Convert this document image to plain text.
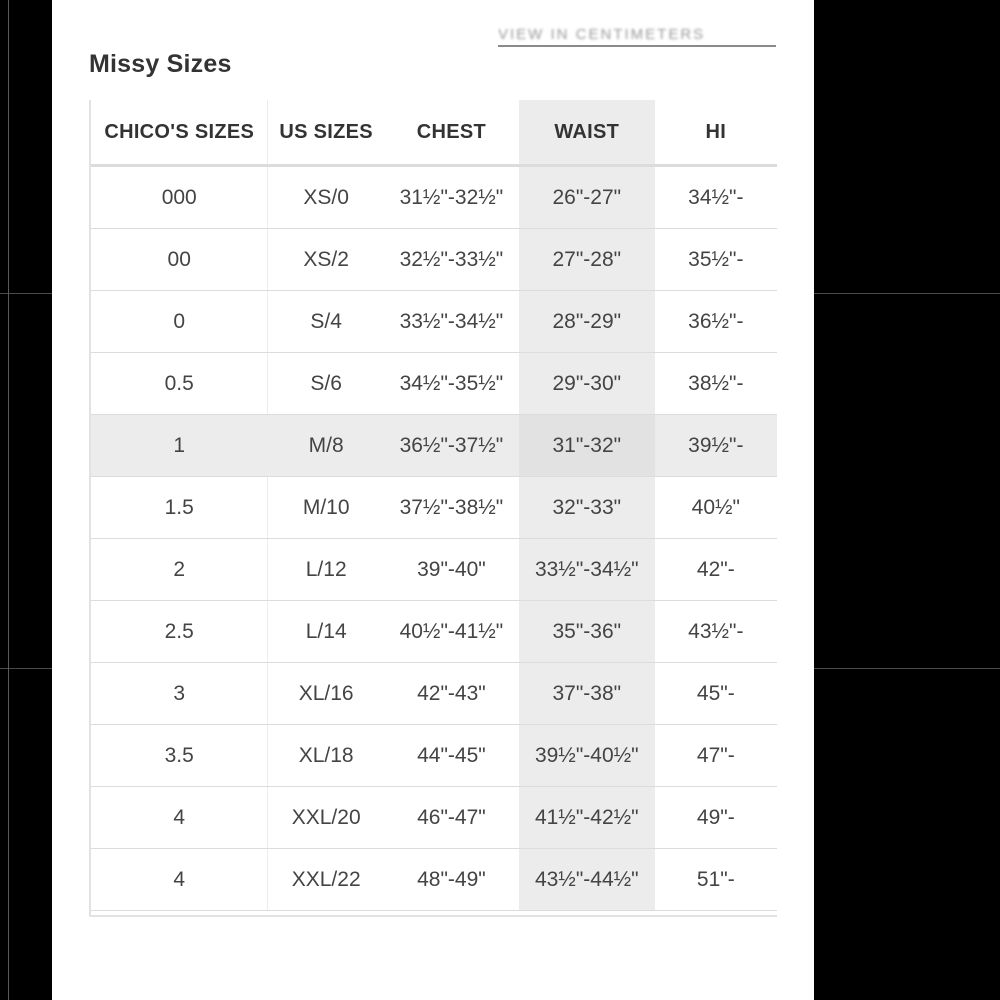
VIEW IN CENTIMETERS
Missy Sizes
CHICO'S SIZES	US SIZES	CHEST	WAIST	HI
000	XS/0	31½"-32½"	26"-27"	34½"-
00	XS/2	32½"-33½"	27"-28"	35½"-
0	S/4	33½"-34½"	28"-29"	36½"-
0.5	S/6	34½"-35½"	29"-30"	38½"-
1	M/8	36½"-37½"	31"-32"	39½"-
1.5	M/10	37½"-38½"	32"-33"	40½"
2	L/12	39"-40"	33½"-34½"	42"-
2.5	L/14	40½"-41½"	35"-36"	43½"-
3	XL/16	42"-43"	37"-38"	45"-
3.5	XL/18	44"-45"	39½"-40½"	47"-
4	XXL/20	46"-47"	41½"-42½"	49"-
4	XXL/22	48"-49"	43½"-44½"	51"-
